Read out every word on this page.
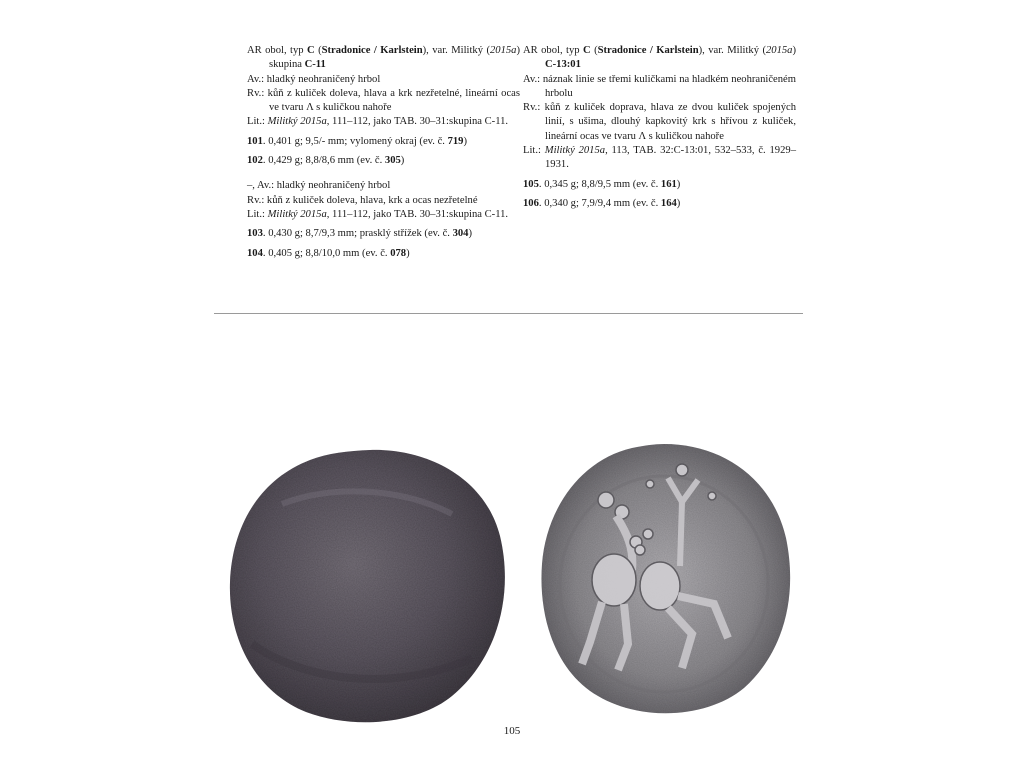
AR obol, typ C (Stradonice / Karlstein), var. Militký (2015a) skupina C-11

Av.: hladký neohraničený hrbol

Rv.: kůň z kuliček doleva, hlava a krk nezřetelné, lineární ocas ve tvaru Λ s kuličkou nahoře

Lit.: Militký 2015a, 111–112, jako TAB. 30–31:skupina C-11.

101. 0,401 g; 9,5/- mm; vylomený okraj (ev. č. 719)

102. 0,429 g; 8,8/8,6 mm (ev. č. 305)

–, Av.: hladký neohraničený hrbol

Rv.: kůň z kuliček doleva, hlava, krk a ocas nezřetelné

Lit.: Militký 2015a, 111–112, jako TAB. 30–31:skupina C-11.

103. 0,430 g; 8,7/9,3 mm; prasklý střížek (ev. č. 304)

104. 0,405 g; 8,8/10,0 mm (ev. č. 078)

AR obol, typ C (Stradonice / Karlstein), var. Militký (2015a) C-13:01

Av.: náznak linie se třemi kuličkami na hladkém neohraničeném hrbolu

Rv.: kůň z kuliček doprava, hlava ze dvou kuliček spojených linií, s ušima, dlouhý kapkovitý krk s hřívou z kuliček, lineární ocas ve tvaru Λ s kuličkou nahoře

Lit.: Militký 2015a, 113, TAB. 32:C-13:01, 532–533, č. 1929–1931.

105. 0,345 g; 8,8/9,5 mm (ev. č. 161)

106. 0,340 g; 7,9/9,4 mm (ev. č. 164)

105
